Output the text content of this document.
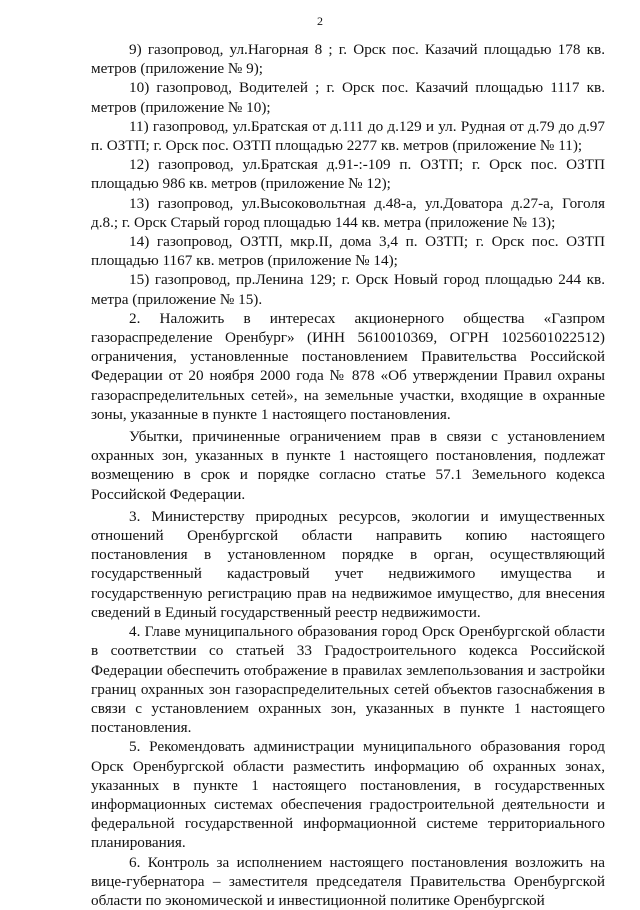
2

9) газопровод, ул.Нагорная 8 ; г. Орск пос. Казачий площадью 178 кв. метров (приложение № 9);

10) газопровод, Водителей ; г. Орск пос. Казачий площадью 1117 кв. метров (приложение № 10);

11) газопровод, ул.Братская от д.111 до д.129 и ул. Рудная от д.79 до д.97 п. ОЗТП; г. Орск пос. ОЗТП площадью 2277 кв. метров (приложение № 11);

12) газопровод, ул.Братская д.91-:-109 п. ОЗТП; г. Орск пос. ОЗТП площадью 986 кв. метров (приложение № 12);

13) газопровод, ул.Высоковольтная д.48-а, ул.Доватора д.27-а, Гоголя д.8.; г. Орск Старый город площадью 144 кв. метра (приложение № 13);

14) газопровод, ОЗТП, мкр.II, дома 3,4 п. ОЗТП; г. Орск пос. ОЗТП площадью 1167 кв. метров (приложение № 14);

15) газопровод, пр.Ленина 129; г. Орск Новый город площадью 244 кв. метра (приложение № 15).

2. Наложить в интересах акционерного общества «Газпром газораспределение Оренбург» (ИНН 5610010369, ОГРН 1025601022512) ограничения, установленные постановлением Правительства Российской Федерации от 20 ноября 2000 года № 878 «Об утверждении Правил охраны газораспределительных сетей», на земельные участки, входящие в охранные зоны, указанные в пункте 1 настоящего постановления.

Убытки, причиненные ограничением прав в связи с установлением охранных зон, указанных в пункте 1 настоящего постановления, подлежат возмещению в срок и порядке согласно статье 57.1 Земельного кодекса Российской Федерации.

3. Министерству природных ресурсов, экологии и имущественных отношений Оренбургской области направить копию настоящего постановления в установленном порядке в орган, осуществляющий государственный кадастровый учет недвижимого имущества и государственную регистрацию прав на недвижимое имущество, для внесения сведений в Единый государственный реестр недвижимости.

4. Главе муниципального образования город Орск Оренбургской области в соответствии со статьей 33 Градостроительного кодекса Российской Федерации обеспечить отображение в правилах землепользования и застройки границ охранных зон газораспределительных сетей объектов газоснабжения в связи с установлением охранных зон, указанных в пункте 1 настоящего постановления.

5. Рекомендовать администрации муниципального образования город Орск Оренбургской области разместить информацию об охранных зонах, указанных в пункте 1 настоящего постановления, в государственных информационных системах обеспечения градостроительной деятельности и федеральной государственной информационной системе территориального планирования.

6. Контроль за исполнением настоящего постановления возложить на вице-губернатора – заместителя председателя Правительства Оренбургской области по экономической и инвестиционной политике Оренбургской
